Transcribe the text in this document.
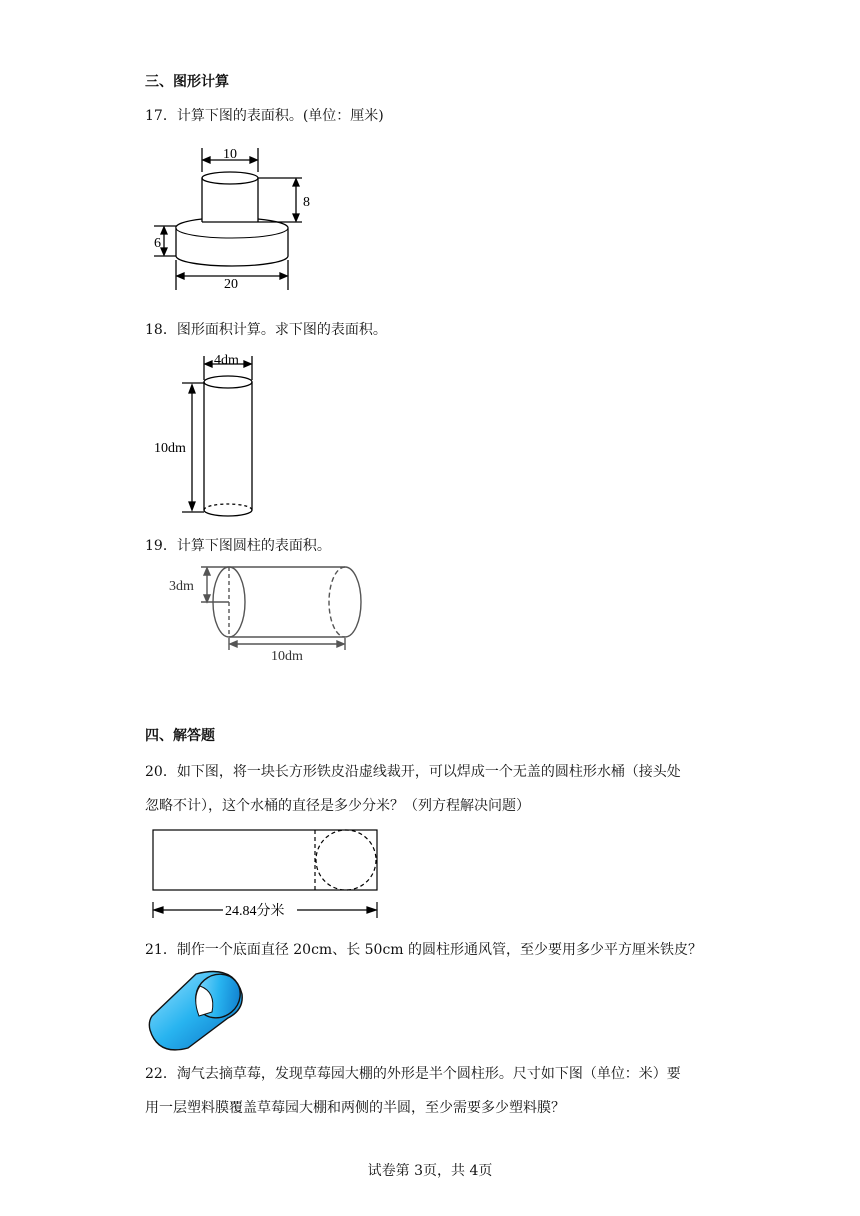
三、图形计算
17．计算下图的表面积。(单位：厘米)
10
8
6
20
18．图形面积计算。求下图的表面积。
4dm
10dm
19．计算下图圆柱的表面积。
3dm
10dm
四、解答题
20．如下图，将一块长方形铁皮沿虚线裁开，可以焊成一个无盖的圆柱形水桶（接头处
忽略不计），这个水桶的直径是多少分米？（列方程解决问题）
24.84分米
21．制作一个底面直径 20cm、长 50cm 的圆柱形通风管，至少要用多少平方厘米铁皮？
22．淘气去摘草莓，发现草莓园大棚的外形是半个圆柱形。尺寸如下图（单位：米）要
用一层塑料膜覆盖草莓园大棚和两侧的半圆，至少需要多少塑料膜？
试卷第 3页，共 4页
